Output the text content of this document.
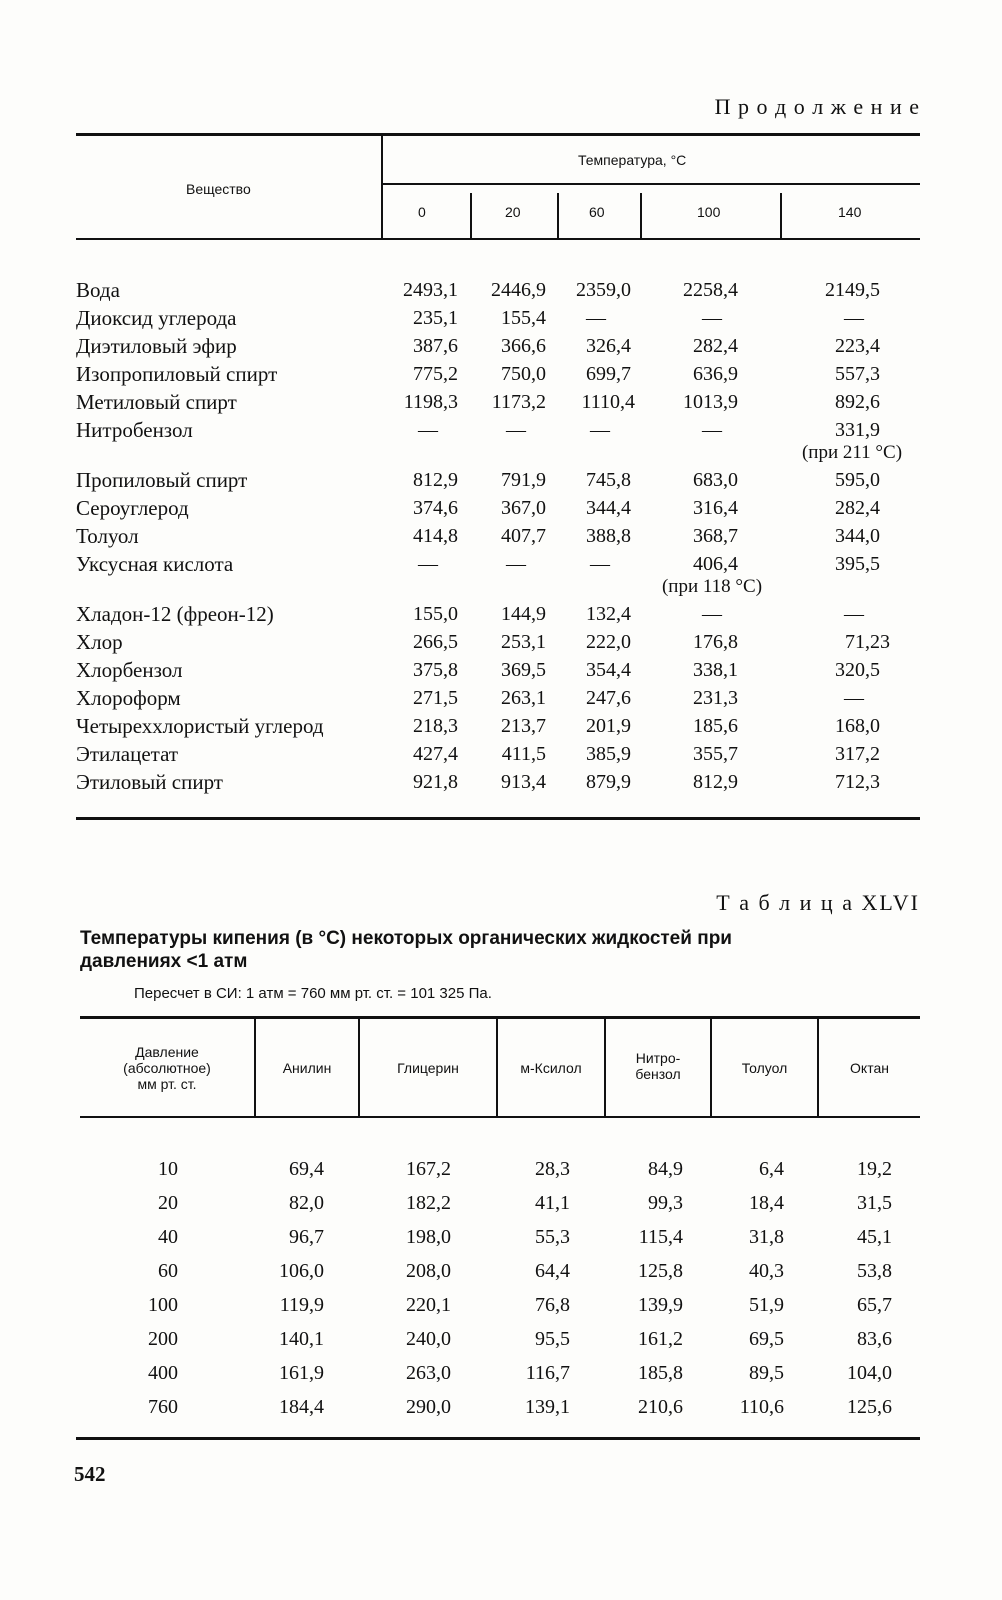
П р о д о л ж е н и е
Вещество
Температура, °С
0	20	60	100	140
Вода	2493,1 2446,9 2359,0	2258,4	2149,5
Диоксид углерода	235,1 155,4 —	—	—
Диэтиловый эфир	387,6 366,6 326,4	282,4	223,4
Изопропиловый спирт	775,2 750,0 699,7	636,9	557,3
Метиловый спирт	1198,3 1173,2 1110,4 1013,9	892,6
Нитробензол	—	—	—	—	331,9
(при 211 °С)
Пропиловый спирт	812,9 791,9 745,8	683,0	595,0
Сероуглерод	374,6 367,0 344,4	316,4	282,4
Толуол	414,8 407,7 388,8	368,7	344,0
Уксусная кислота	—	—	—	406,4	395,5
(при 118 °С)
Хладон-12 (фреон-12)	155,0 144,9 132,4	—	—
Хлор	266,5 253,1 222,0	176,8	71,23
Хлорбензол	375,8 369,5 354,4	338,1	320,5
Хлороформ	271,5 263,1 247,6	231,3	—
Четыреххлористый углерод	218,3 213,7 201,9	185,6	168,0
Этилацетат	427,4 411,5 385,9	355,7	317,2
Этиловый спирт	921,8 913,4 879,9	812,9	712,3
Т а б л и ц а XLVI
Температуры кипения (в °С) некоторых органических жидкостей при
давлениях <1 атм
Пересчет в СИ: 1 атм = 760 мм рт. ст. = 101 325 Па.
Давление
(абсолютное)
мм рт. ст.
Анилин	Глицерин	м-Ксилол
Нитро-
бензол	Толуол	Октан
10	69,4	167,2	28,3	84,9	6,4	19,2
20	82,0	182,2	41,1	99,3	18,4	31,5
40	96,7	198,0	55,3	115,4	31,8	45,1
60	106,0	208,0	64,4	125,8	40,3	53,8
100	119,9	220,1	76,8	139,9	51,9	65,7
200	140,1	240,0	95,5	161,2	69,5	83,6
400	161,9	263,0	116,7	185,8	89,5	104,0
760	184,4	290,0	139,1	210,6	110,6	125,6
542
